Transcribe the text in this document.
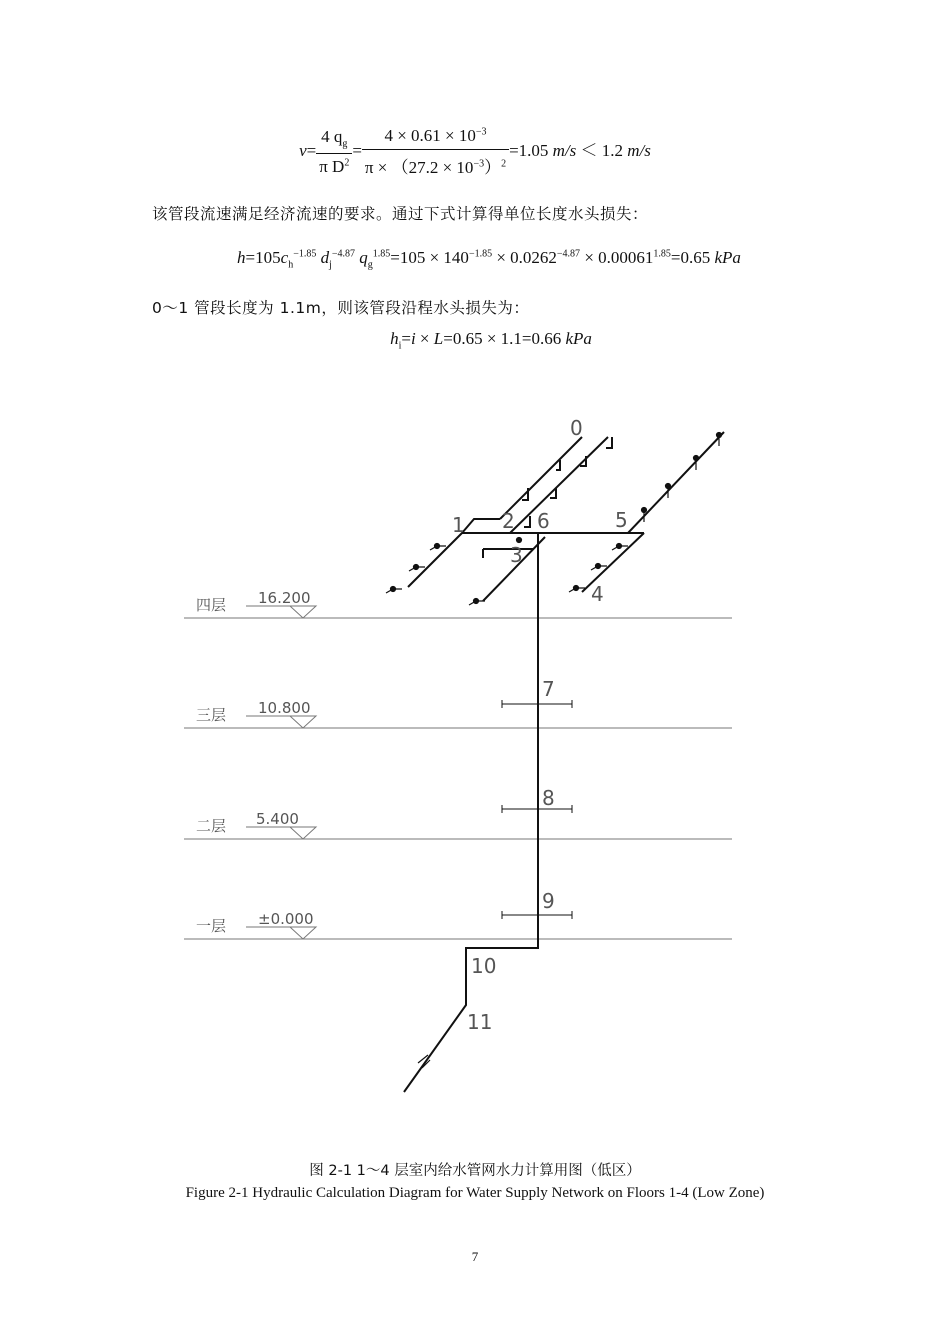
$v= \frac{4 q_g}{\pi D^2} = \frac{4 \times 0.61 \times 10^{-3}}{\pi \times (27.2 \times 10^{-3})^2} =1.05$ m/s ＜ 1.2 m/s
该管段流速满足经济流速的要求。通过下式计算得单位长度水头损失：
$h=105c_h^{-1.85}$ $d_j^{-4.87}$ $q_g^{1.85}=105 \times 140^{-1.85} \times 0.0262^{-4.87} \times 0.00061^{1.85}=0.65$ kPa
0～1 管段长度为 1.1m，则该管段沿程水头损失为：
$h_i=i \times L=0.65 \times 1.1=0.66$ kPa
四层 16.200
三层 10.800
二层 5.400
一层 ±0.000
0
1 2
3
4
5
6
7
8
9
10
11
图 2-1 1～4 层室内给水管网水力计算用图（低区）
Figure 2-1 Hydraulic Calculation Diagram for Water Supply Network on Floors 1-4 (Low Zone)
7
